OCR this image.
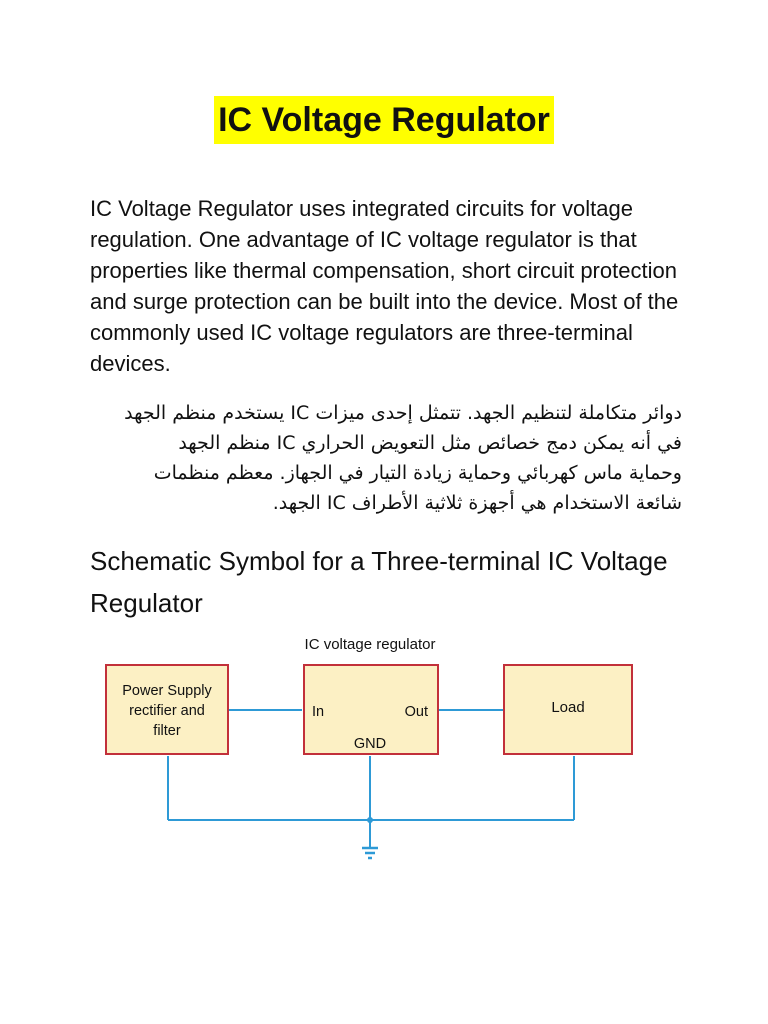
IC Voltage Regulator

IC Voltage Regulator uses integrated circuits for voltage regulation. One advantage of IC voltage regulator is that properties like thermal compensation, short circuit protection and surge protection can be built into the device. Most of the commonly used IC voltage regulators are three-terminal devices.

دوائر متكاملة لتنظيم الجهد. تتمثل إحدى ميزات IC يستخدم منظم الجهد
في أنه يمكن دمج خصائص مثل التعويض الحراري IC منظم الجهد
وحماية ماس كهربائي وحماية زيادة التيار في الجهاز. معظم منظمات
شائعة الاستخدام هي أجهزة ثلاثية الأطراف IC الجهد.
Schematic Symbol for a Three-terminal IC Voltage Regulator
IC voltage regulator
Power Supply
rectifier and
filter
In	Out
GND
Load
